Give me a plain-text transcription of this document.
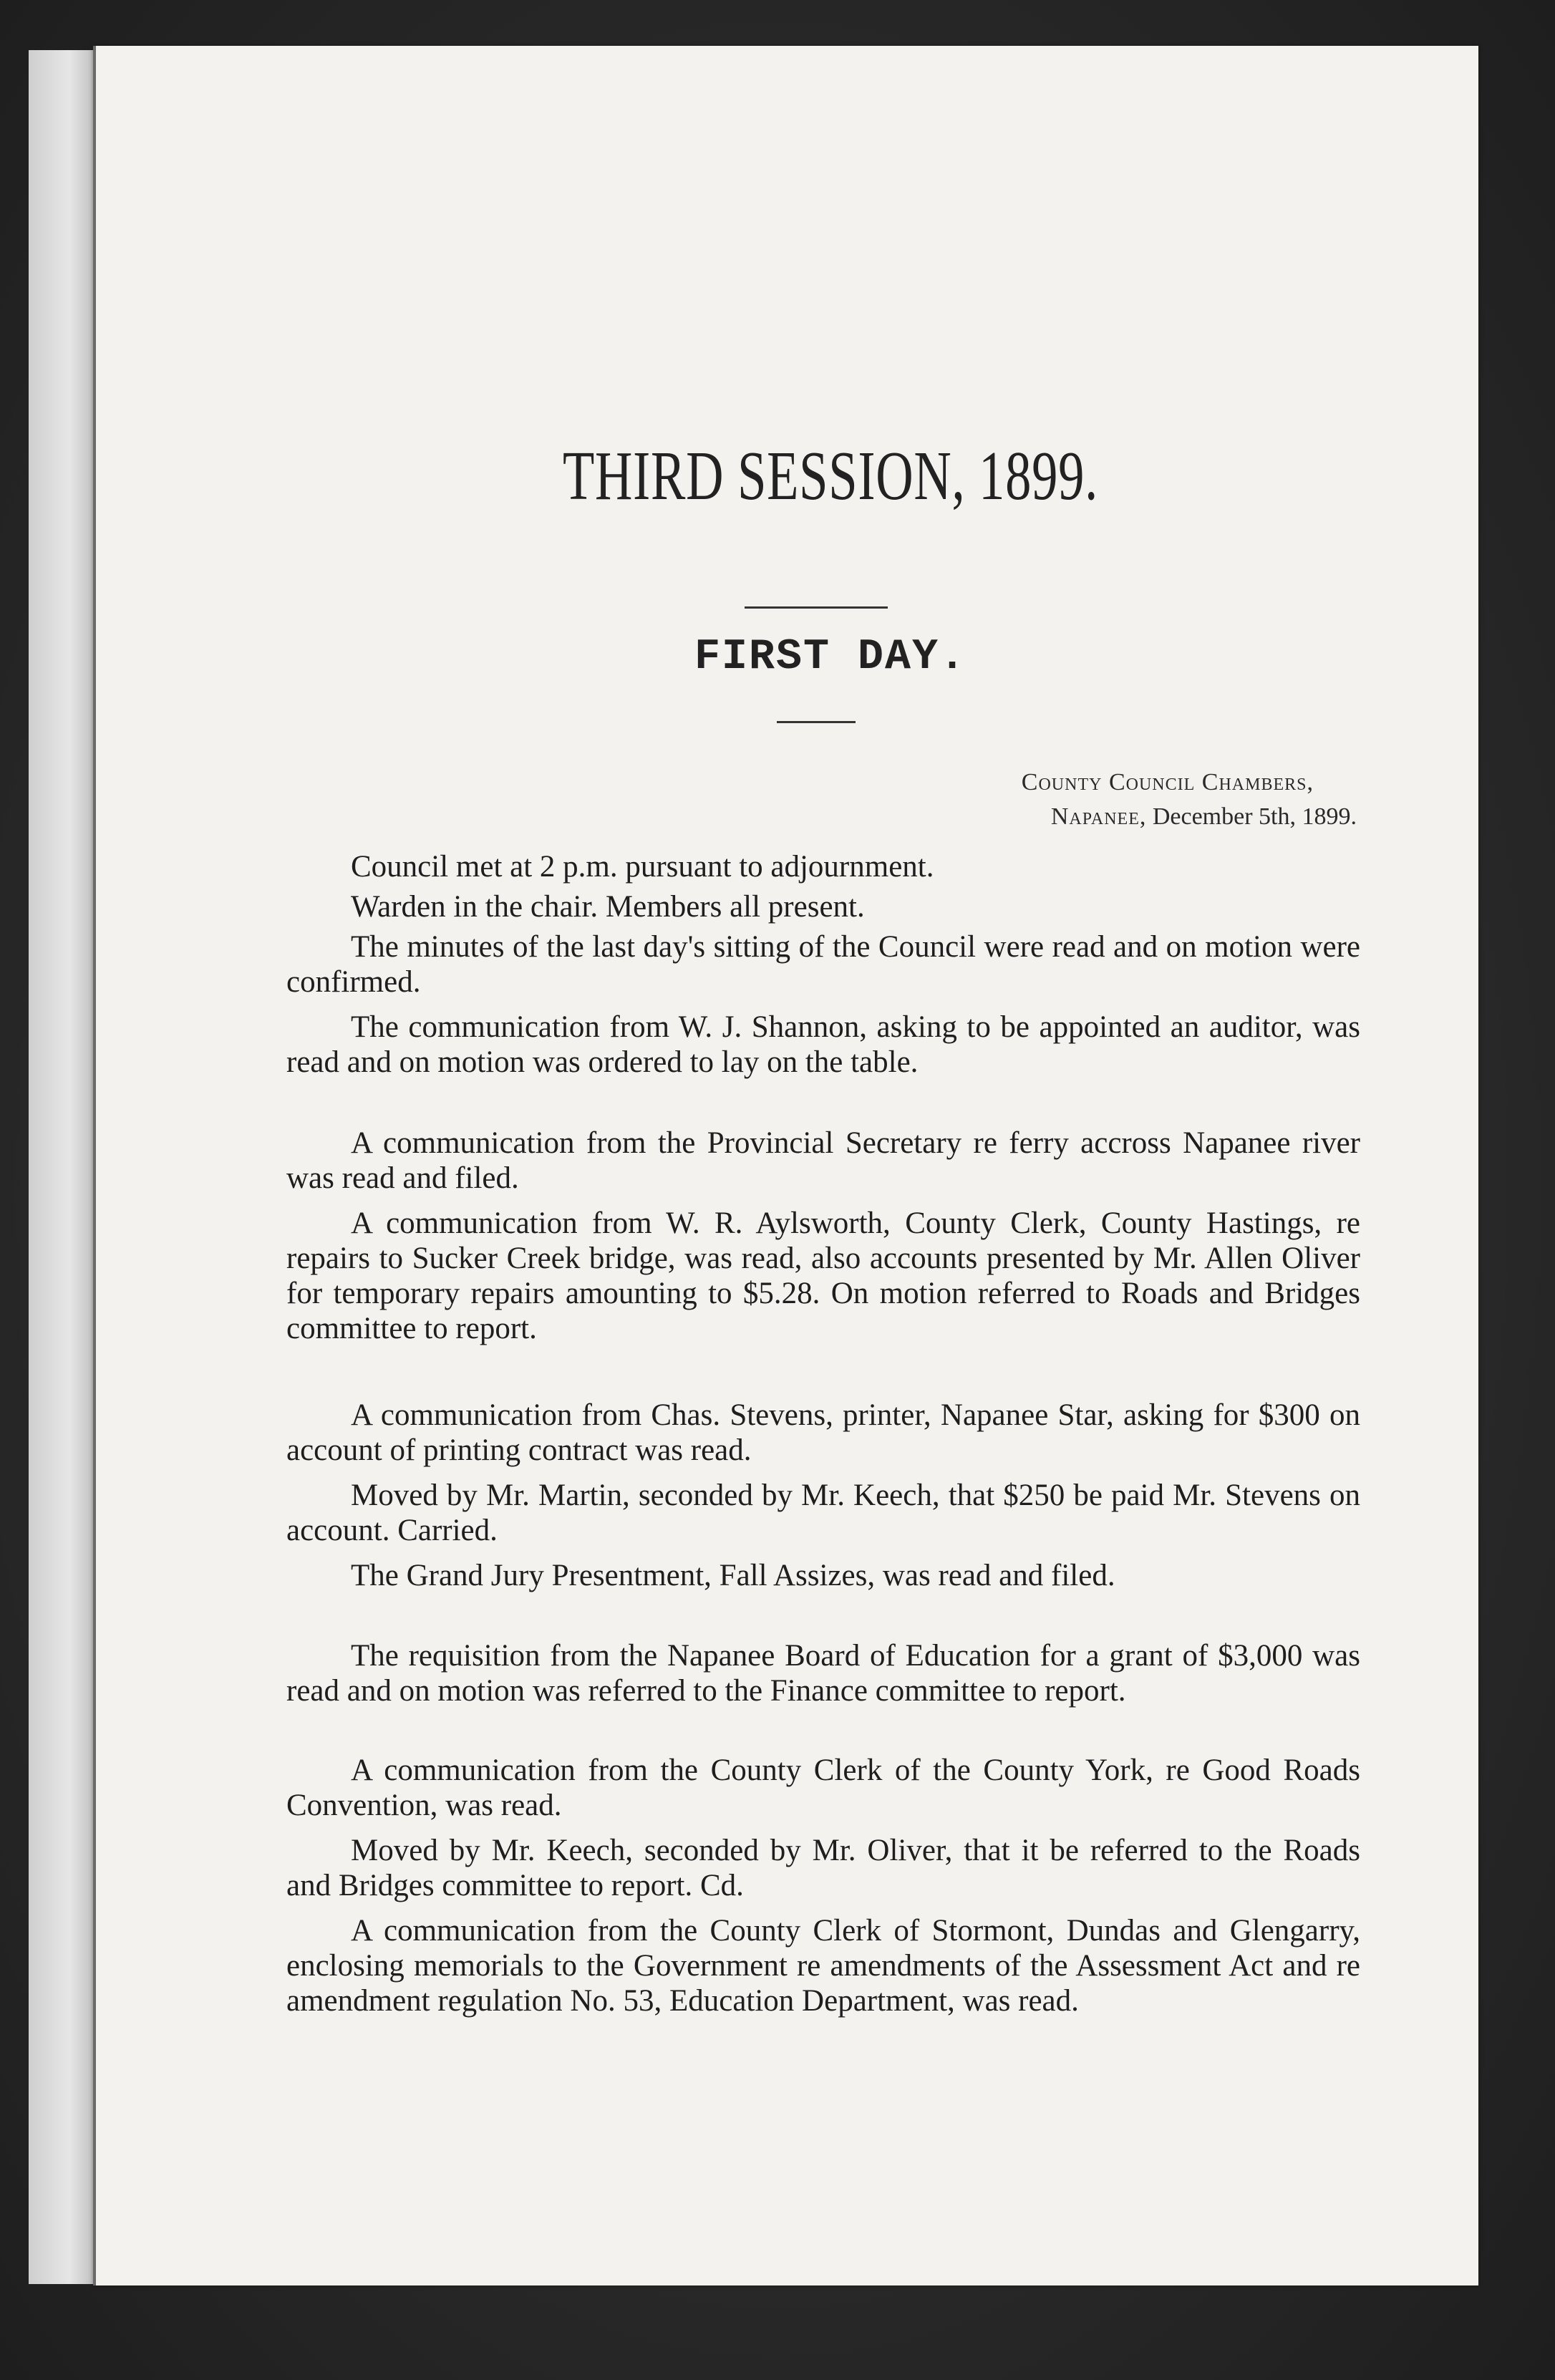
THIRD SESSION, 1899.
FIRST DAY.
County Council Chambers,
Napanee, December 5th, 1899.

Council met at 2 p.m. pursuant to adjournment.

Warden in the chair. Members all present.

The minutes of the last day's sitting of the Council were read and on motion were confirmed.

The communication from W. J. Shannon, asking to be appointed an auditor, was read and on motion was ordered to lay on the table.

A communication from the Provincial Secretary re ferry accross Napanee river was read and filed.

A communication from W. R. Aylsworth, County Clerk, County Hastings, re repairs to Sucker Creek bridge, was read, also accounts presented by Mr. Allen Oliver for temporary repairs amounting to $5.28. On motion referred to Roads and Bridges committee to report.

A communication from Chas. Stevens, printer, Napanee Star, asking for $300 on account of printing contract was read.

Moved by Mr. Martin, seconded by Mr. Keech, that $250 be paid Mr. Stevens on account. Carried.

The Grand Jury Presentment, Fall Assizes, was read and filed.

The requisition from the Napanee Board of Education for a grant of $3,000 was read and on motion was referred to the Finance committee to report.

A communication from the County Clerk of the County York, re Good Roads Convention, was read.

Moved by Mr. Keech, seconded by Mr. Oliver, that it be referred to the Roads and Bridges committee to report. Cd.

A communication from the County Clerk of Stormont, Dundas and Glengarry, enclosing memorials to the Government re amendments of the Assessment Act and re amendment regulation No. 53, Education Department, was read.
